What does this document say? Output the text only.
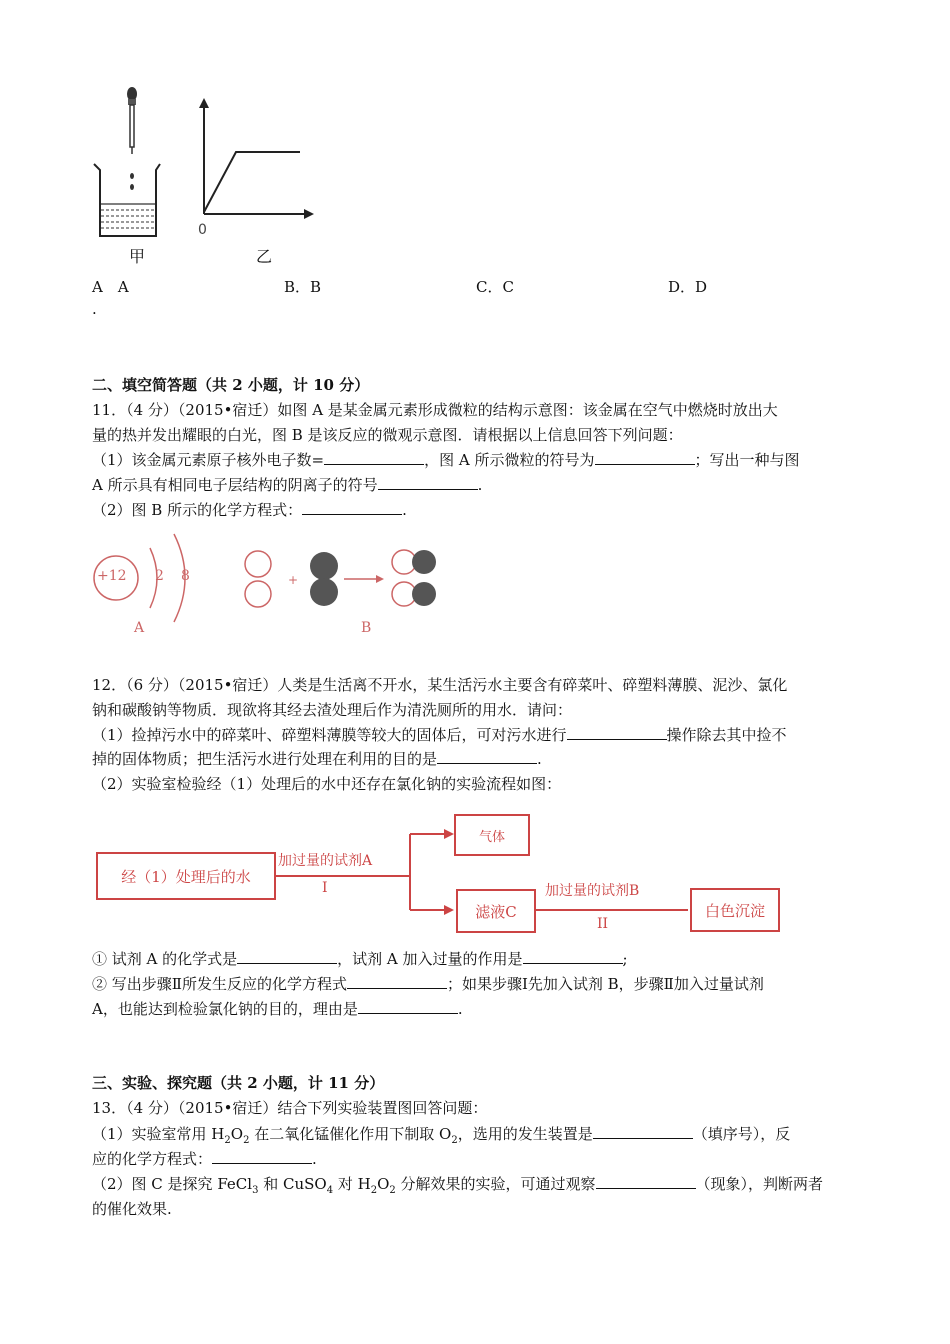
甲
0
乙
A　A
.
B．B	C．C	D．D
二、填空简答题（共 2 小题，计 10 分）
11．（4 分）（2015•宿迁）如图 A 是某金属元素形成微粒的结构示意图：该金属在空气中燃烧时放出大
量的热并发出耀眼的白光，图 B 是该反应的微观示意图．请根据以上信息回答下列问题：
（1）该金属元素原子核外电子数=	，图 A 所示微粒的符号为	；写出一种与图
A 所示具有相同电子层结构的阴离子的符号	.
（2）图 B 所示的化学方程式：	.
+12 2 8
A
+
B
12．（6 分）（2015•宿迁）人类是生活离不开水，某生活污水主要含有碎菜叶、碎塑料薄膜、泥沙、氯化
钠和碳酸钠等物质．现欲将其经去渣处理后作为清洗厕所的用水．请问：
（1）捡掉污水中的碎菜叶、碎塑料薄膜等较大的固体后，可对污水进行	操作除去其中捡不
掉的固体物质；把生活污水进行处理在利用的目的是	.
（2）实验室检验经（1）处理后的水中还存在氯化钠的实验流程如图：
经（1）处理后的水
加过量的试剂A
I
气体
滤液C
加过量的试剂B
II
白色沉淀
① 试剂 A 的化学式是	，试剂 A 加入过量的作用是	;
② 写出步骤Ⅱ所发生反应的化学方程式	；如果步骤Ⅰ先加入试剂 B，步骤Ⅱ加入过量试剂
A，也能达到检验氯化钠的目的，理由是	.
三、实验、探究题（共 2 小题，计 11 分）
13．（4 分）（2015•宿迁）结合下列实验装置图回答问题：
（1）实验室常用 $H_2O_2$ 在二氧化锰催化作用下制取 $O_2$，选用的发生装置是	（填序号），反
应的化学方程式：	.
（2）图 C 是探究 FeCl$_3$ 和 CuSO$_4$ 对 $H_2O_2$ 分解效果的实验，可通过观察	（现象），判断两者
的催化效果.
